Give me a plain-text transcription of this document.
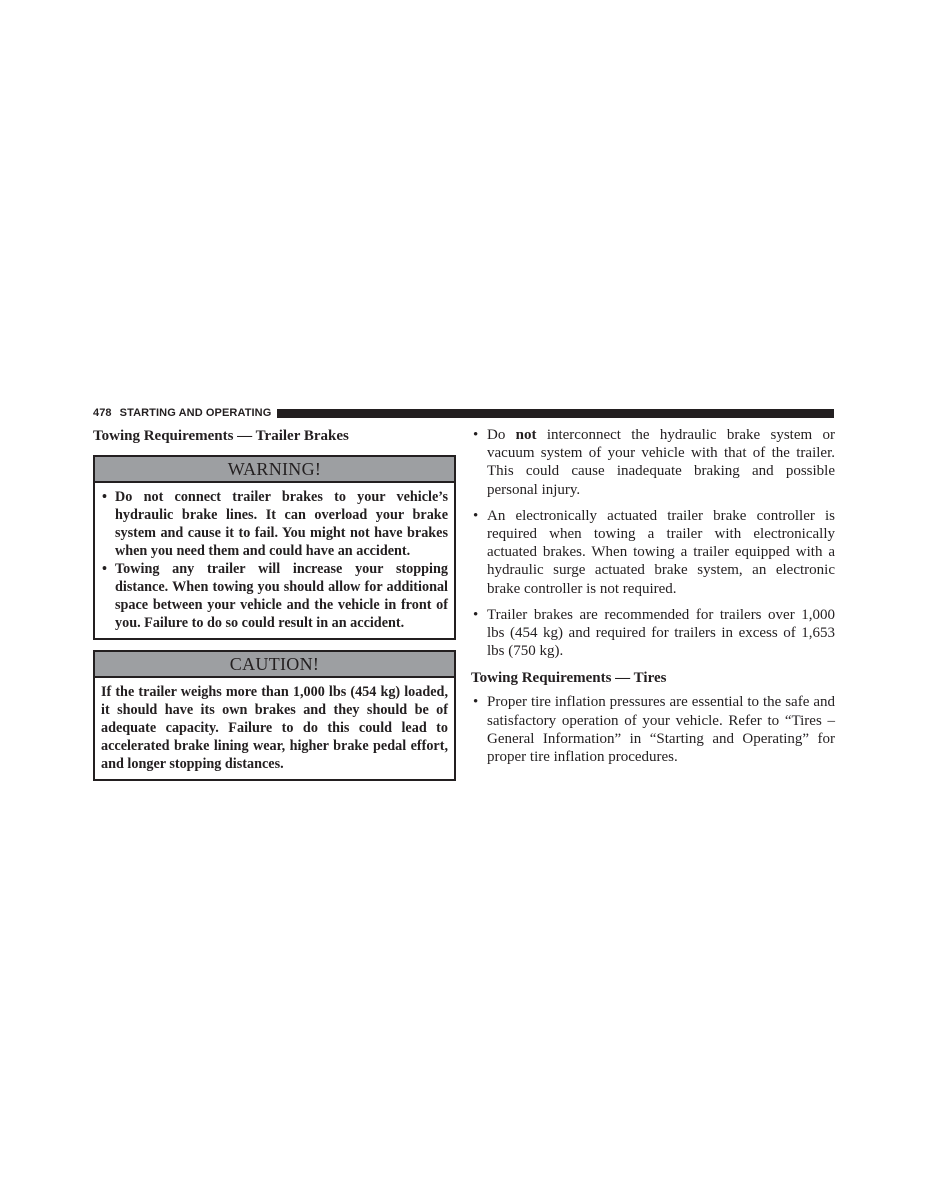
478 STARTING AND OPERATING
Towing Requirements — Trailer Brakes
WARNING!
• Do not connect trailer brakes to your vehicle’s hydraulic brake lines. It can overload your brake system and cause it to fail. You might not have brakes when you need them and could have an accident.
• Towing any trailer will increase your stopping distance. When towing you should allow for additional space between your vehicle and the vehicle in front of you. Failure to do so could result in an accident.
CAUTION!
If the trailer weighs more than 1,000 lbs (454 kg) loaded, it should have its own brakes and they should be of adequate capacity. Failure to do this could lead to accelerated brake lining wear, higher brake pedal effort, and longer stopping distances.
• Do not interconnect the hydraulic brake system or vacuum system of your vehicle with that of the trailer. This could cause inadequate braking and possible personal injury.
• An electronically actuated trailer brake controller is required when towing a trailer with electronically actuated brakes. When towing a trailer equipped with a hydraulic surge actuated brake system, an electronic brake controller is not required.
• Trailer brakes are recommended for trailers over 1,000 lbs (454 kg) and required for trailers in excess of 1,653 lbs (750 kg).
Towing Requirements — Tires
• Proper tire inflation pressures are essential to the safe and satisfactory operation of your vehicle. Refer to “Tires – General Information” in “Starting and Operating” for proper tire inflation procedures.
